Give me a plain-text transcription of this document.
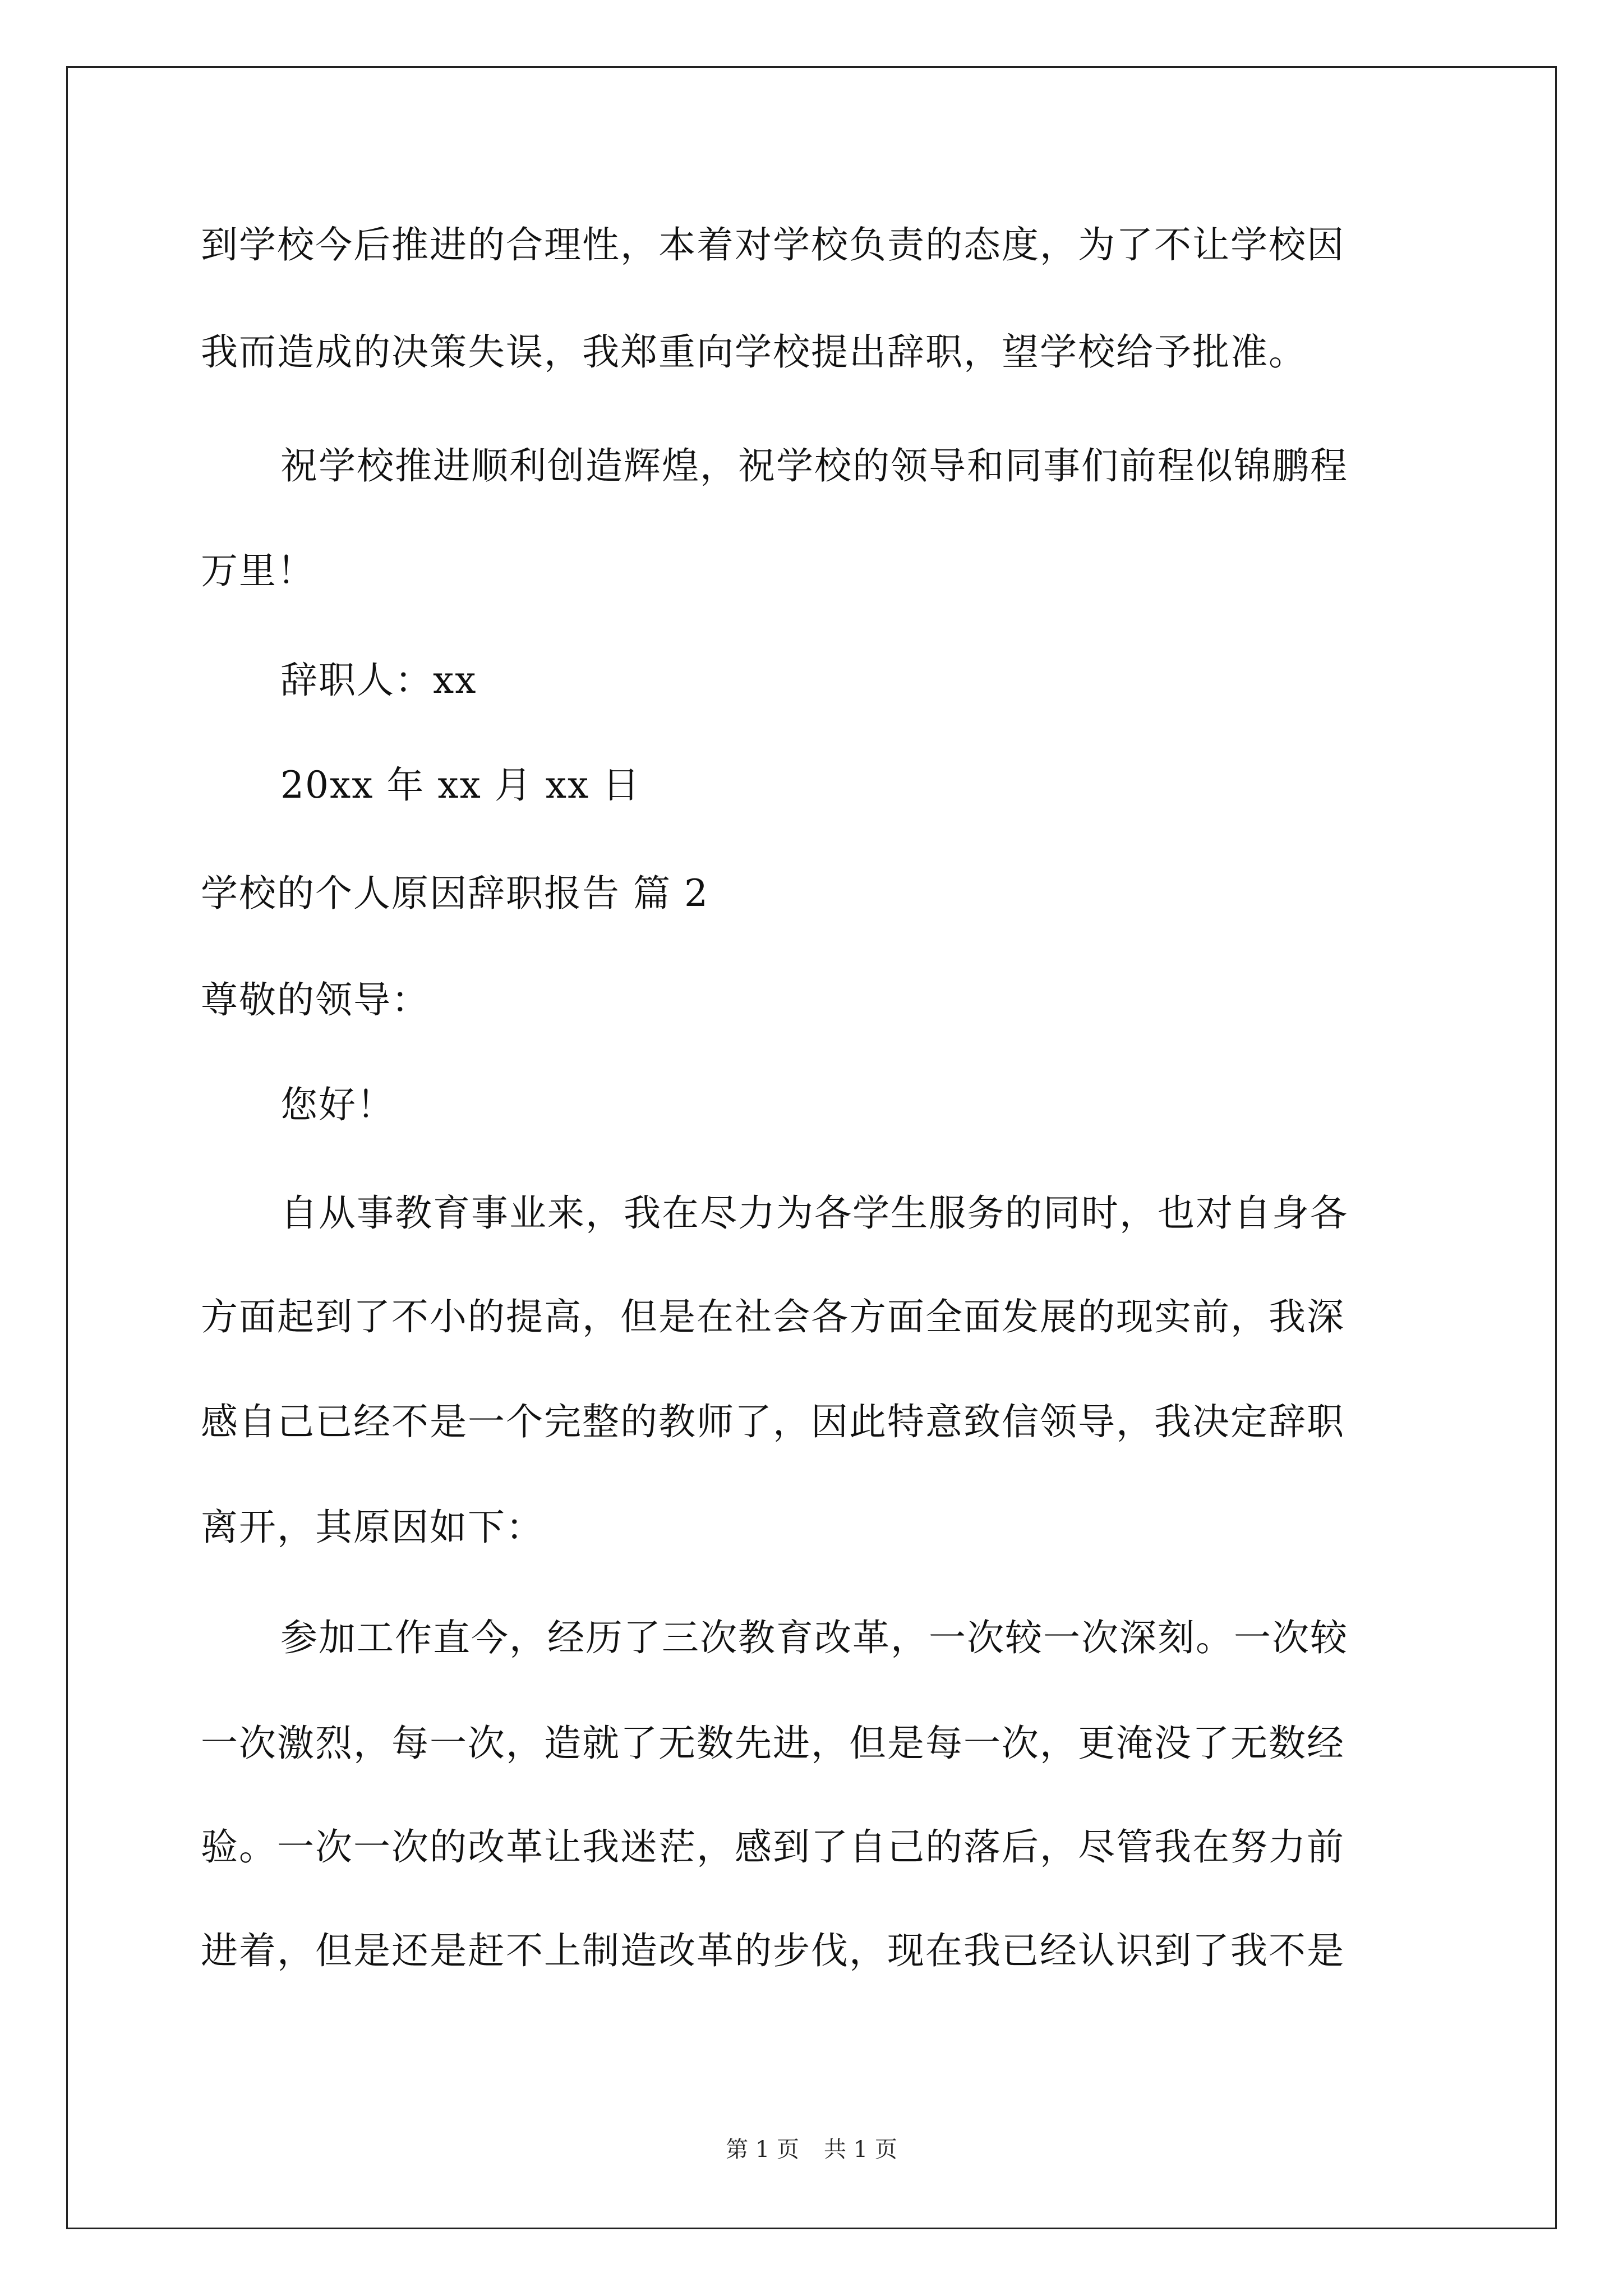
到学校今后推进的合理性，本着对学校负责的态度，为了不让学校因
我而造成的决策失误，我郑重向学校提出辞职，望学校给予批准。
祝学校推进顺利创造辉煌，祝学校的领导和同事们前程似锦鹏程
万里！
辞职人：xx
20xx 年 xx 月 xx 日
学校的个人原因辞职报告 篇 2
尊敬的领导：
您好！
自从事教育事业来，我在尽力为各学生服务的同时，也对自身各
方面起到了不小的提高，但是在社会各方面全面发展的现实前，我深
感自己已经不是一个完整的教师了，因此特意致信领导，我决定辞职
离开，其原因如下：
参加工作直今，经历了三次教育改革，一次较一次深刻。一次较
一次激烈，每一次，造就了无数先进，但是每一次，更淹没了无数经
验。一次一次的改革让我迷茫，感到了自己的落后，尽管我在努力前
进着，但是还是赶不上制造改革的步伐，现在我已经认识到了我不是
第 1 页 共 1 页
